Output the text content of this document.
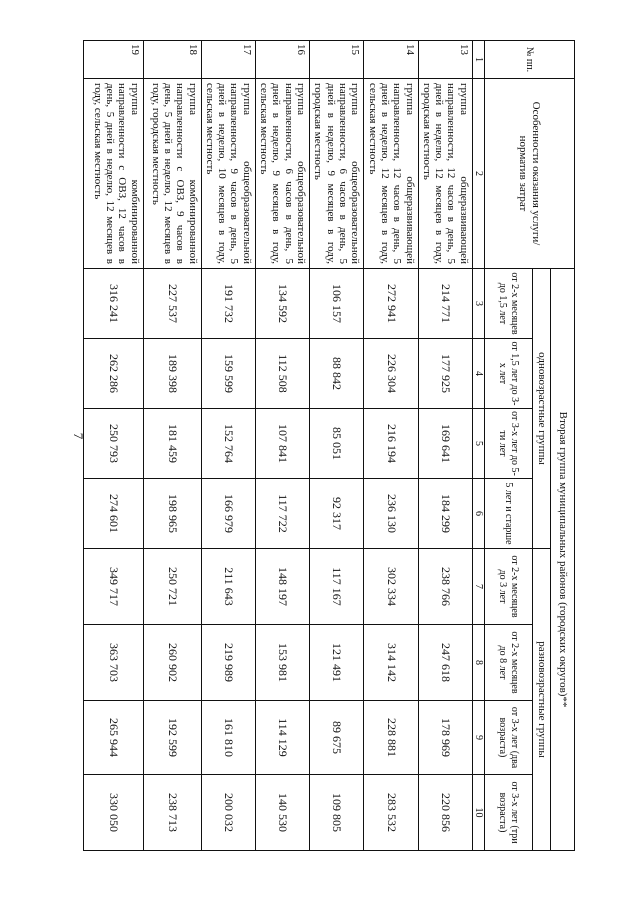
7
№ пп.	Особенности оказания услуги/норматив затрат	Вторая группа муниципальных районов (городских округов)**							
		одновозрастные группы				разновозрастные группы			
		от 2-х месяцев до 1,5 лет	от 1,5 лет до 3-х лет	от 3-х лет до 5-ти лет	5 лет и старше	от 2-х месяцев до 3 лет	от 2-х месяцев до 8 лет	от 3-х лет (два возраста)	от 3-х лет (три возраста)
1	2	3	4	5	6	7	8	9	10
13	группа общеразвивающей направленности, 12 часов в день, 5 дней в неделю, 12 месяцев в году, городская местность	214 771	177 925	169 641	184 299	238 766	247 618	178 969	220 856
14	группа общеразвивающей направленности, 12 часов в день, 5 дней в неделю, 12 месяцев в году, сельская местность	272 941	226 304	216 194	236 130	302 334	314 142	228 881	283 532
15	группа общеобразовательной направленности, 6 часов в день, 5 дней в неделю, 9 месяцев в году, городская местность	106 157	88 842	85 051	92 317	117 167	121 491	89 675	109 805
16	группа общеобразовательной направленности, 6 часов в день, 5 дней в неделю, 9 месяцев в году, сельская местность	134 592	112 508	107 841	117 722	148 197	153 981	114 129	140 530
17	группа общеобразовательной направленности, 9 часов в день, 5 дней в неделю, 10 месяцев в году, сельская местность	191 732	159 599	152 764	166 979	211 643	219 989	161 810	200 032
18	группа комбинированной направленности с ОВЗ, 9 часов в день, 5 дней в неделю, 12 месяцев в году, городская местность	227 537	189 398	181 459	198 965	250 721	260 902	192 599	238 713
19	группа комбинированной направленности с ОВЗ, 12 часов в день, 5 дней в неделю, 12 месяцев в году, сельская местность	316 241	262 286	250 793	274 601	349 717	363 703	265 944	330 050
